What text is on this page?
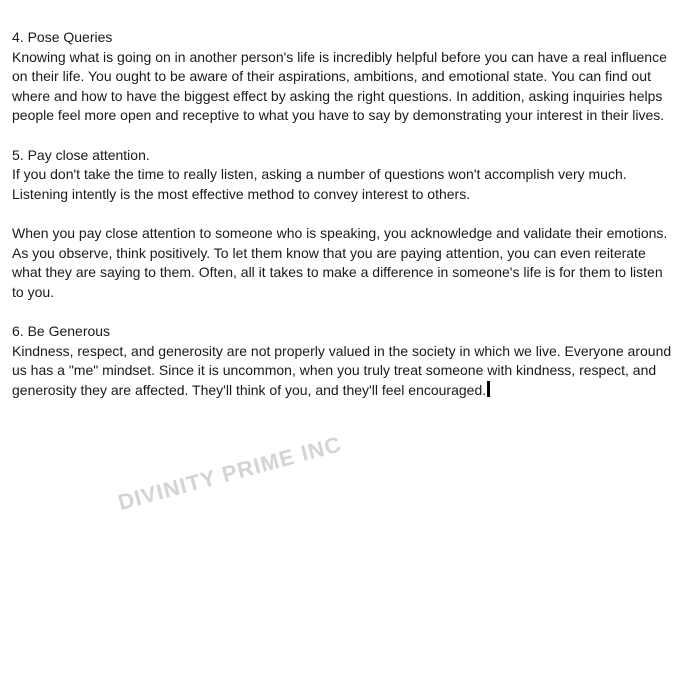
4. Pose Queries
Knowing what is going on in another person's life is incredibly helpful before you can have a real influence on their life. You ought to be aware of their aspirations, ambitions, and emotional state. You can find out where and how to have the biggest effect by asking the right questions. In addition, asking inquiries helps people feel more open and receptive to what you have to say by demonstrating your interest in their lives.
5. Pay close attention.
If you don't take the time to really listen, asking a number of questions won't accomplish very much. Listening intently is the most effective method to convey interest to others.
When you pay close attention to someone who is speaking, you acknowledge and validate their emotions. As you observe, think positively. To let them know that you are paying attention, you can even reiterate what they are saying to them. Often, all it takes to make a difference in someone's life is for them to listen to you.
6. Be Generous
Kindness, respect, and generosity are not properly valued in the society in which we live. Everyone around us has a "me" mindset. Since it is uncommon, when you truly treat someone with kindness, respect, and generosity they are affected. They'll think of you, and they'll feel encouraged.
DIVINITY PRIME INC
